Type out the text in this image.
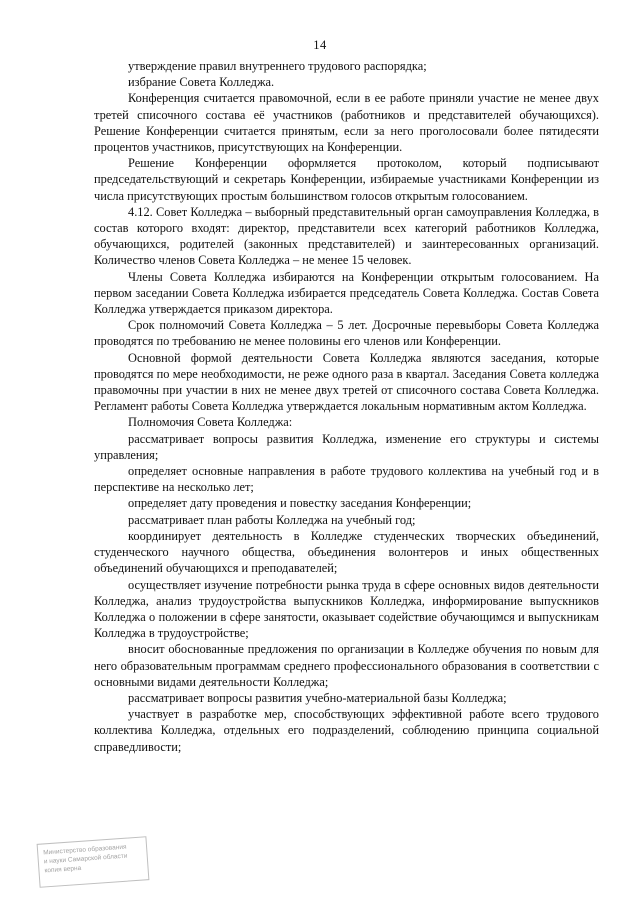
14

утверждение правил внутреннего трудового распорядка;

избрание Совета Колледжа.

Конференция считается правомочной, если в ее работе приняли участие не менее двух третей списочного состава её участников (работников и представителей обучающихся). Решение Конференции считается принятым, если за него проголосовали более пятидесяти процентов участников, присутствующих на Конференции.

Решение Конференции оформляется протоколом, который подписывают председательствующий и секретарь Конференции, избираемые участниками Конференции из числа присутствующих простым большинством голосов открытым голосованием.

4.12. Совет Колледжа – выборный представительный орган самоуправления Колледжа, в состав которого входят: директор, представители всех категорий работников Колледжа, обучающихся, родителей (законных представителей) и заинтересованных организаций. Количество членов Совета Колледжа – не менее 15 человек.

Члены Совета Колледжа избираются на Конференции открытым голосованием. На первом заседании Совета Колледжа избирается председатель Совета Колледжа. Состав Совета Колледжа утверждается приказом директора.

Срок полномочий Совета Колледжа – 5 лет. Досрочные перевыборы Совета Колледжа проводятся по требованию не менее половины его членов или Конференции.

Основной формой деятельности Совета Колледжа являются заседания, которые проводятся по мере необходимости, не реже одного раза в квартал. Заседания Совета колледжа правомочны при участии в них не менее двух третей от списочного состава Совета Колледжа. Регламент работы Совета Колледжа утверждается локальным нормативным актом Колледжа.

Полномочия Совета Колледжа:

рассматривает вопросы развития Колледжа, изменение его структуры и системы управления;

определяет основные направления в работе трудового коллектива на учебный год и в перспективе на несколько лет;

определяет дату проведения и повестку заседания Конференции;

рассматривает план работы Колледжа на учебный год;

координирует деятельность в Колледже студенческих творческих объединений, студенческого научного общества, объединения волонтеров и иных общественных объединений обучающихся и преподавателей;

осуществляет изучение потребности рынка труда в сфере основных видов деятельности Колледжа, анализ трудоустройства выпускников Колледжа, информирование выпускников Колледжа о положении в сфере занятости, оказывает содействие обучающимся и выпускникам Колледжа в трудоустройстве;

вносит обоснованные предложения по организации в Колледже обучения по новым для него образовательным программам среднего профессионального образования в соответствии с основными видами деятельности Колледжа;

рассматривает вопросы развития учебно-материальной базы Колледжа;

участвует в разработке мер, способствующих эффективной работе всего трудового коллектива Колледжа, отдельных его подразделений, соблюдению принципа социальной справедливости;

Министерство образования
и науки Самарской области
копия верна
